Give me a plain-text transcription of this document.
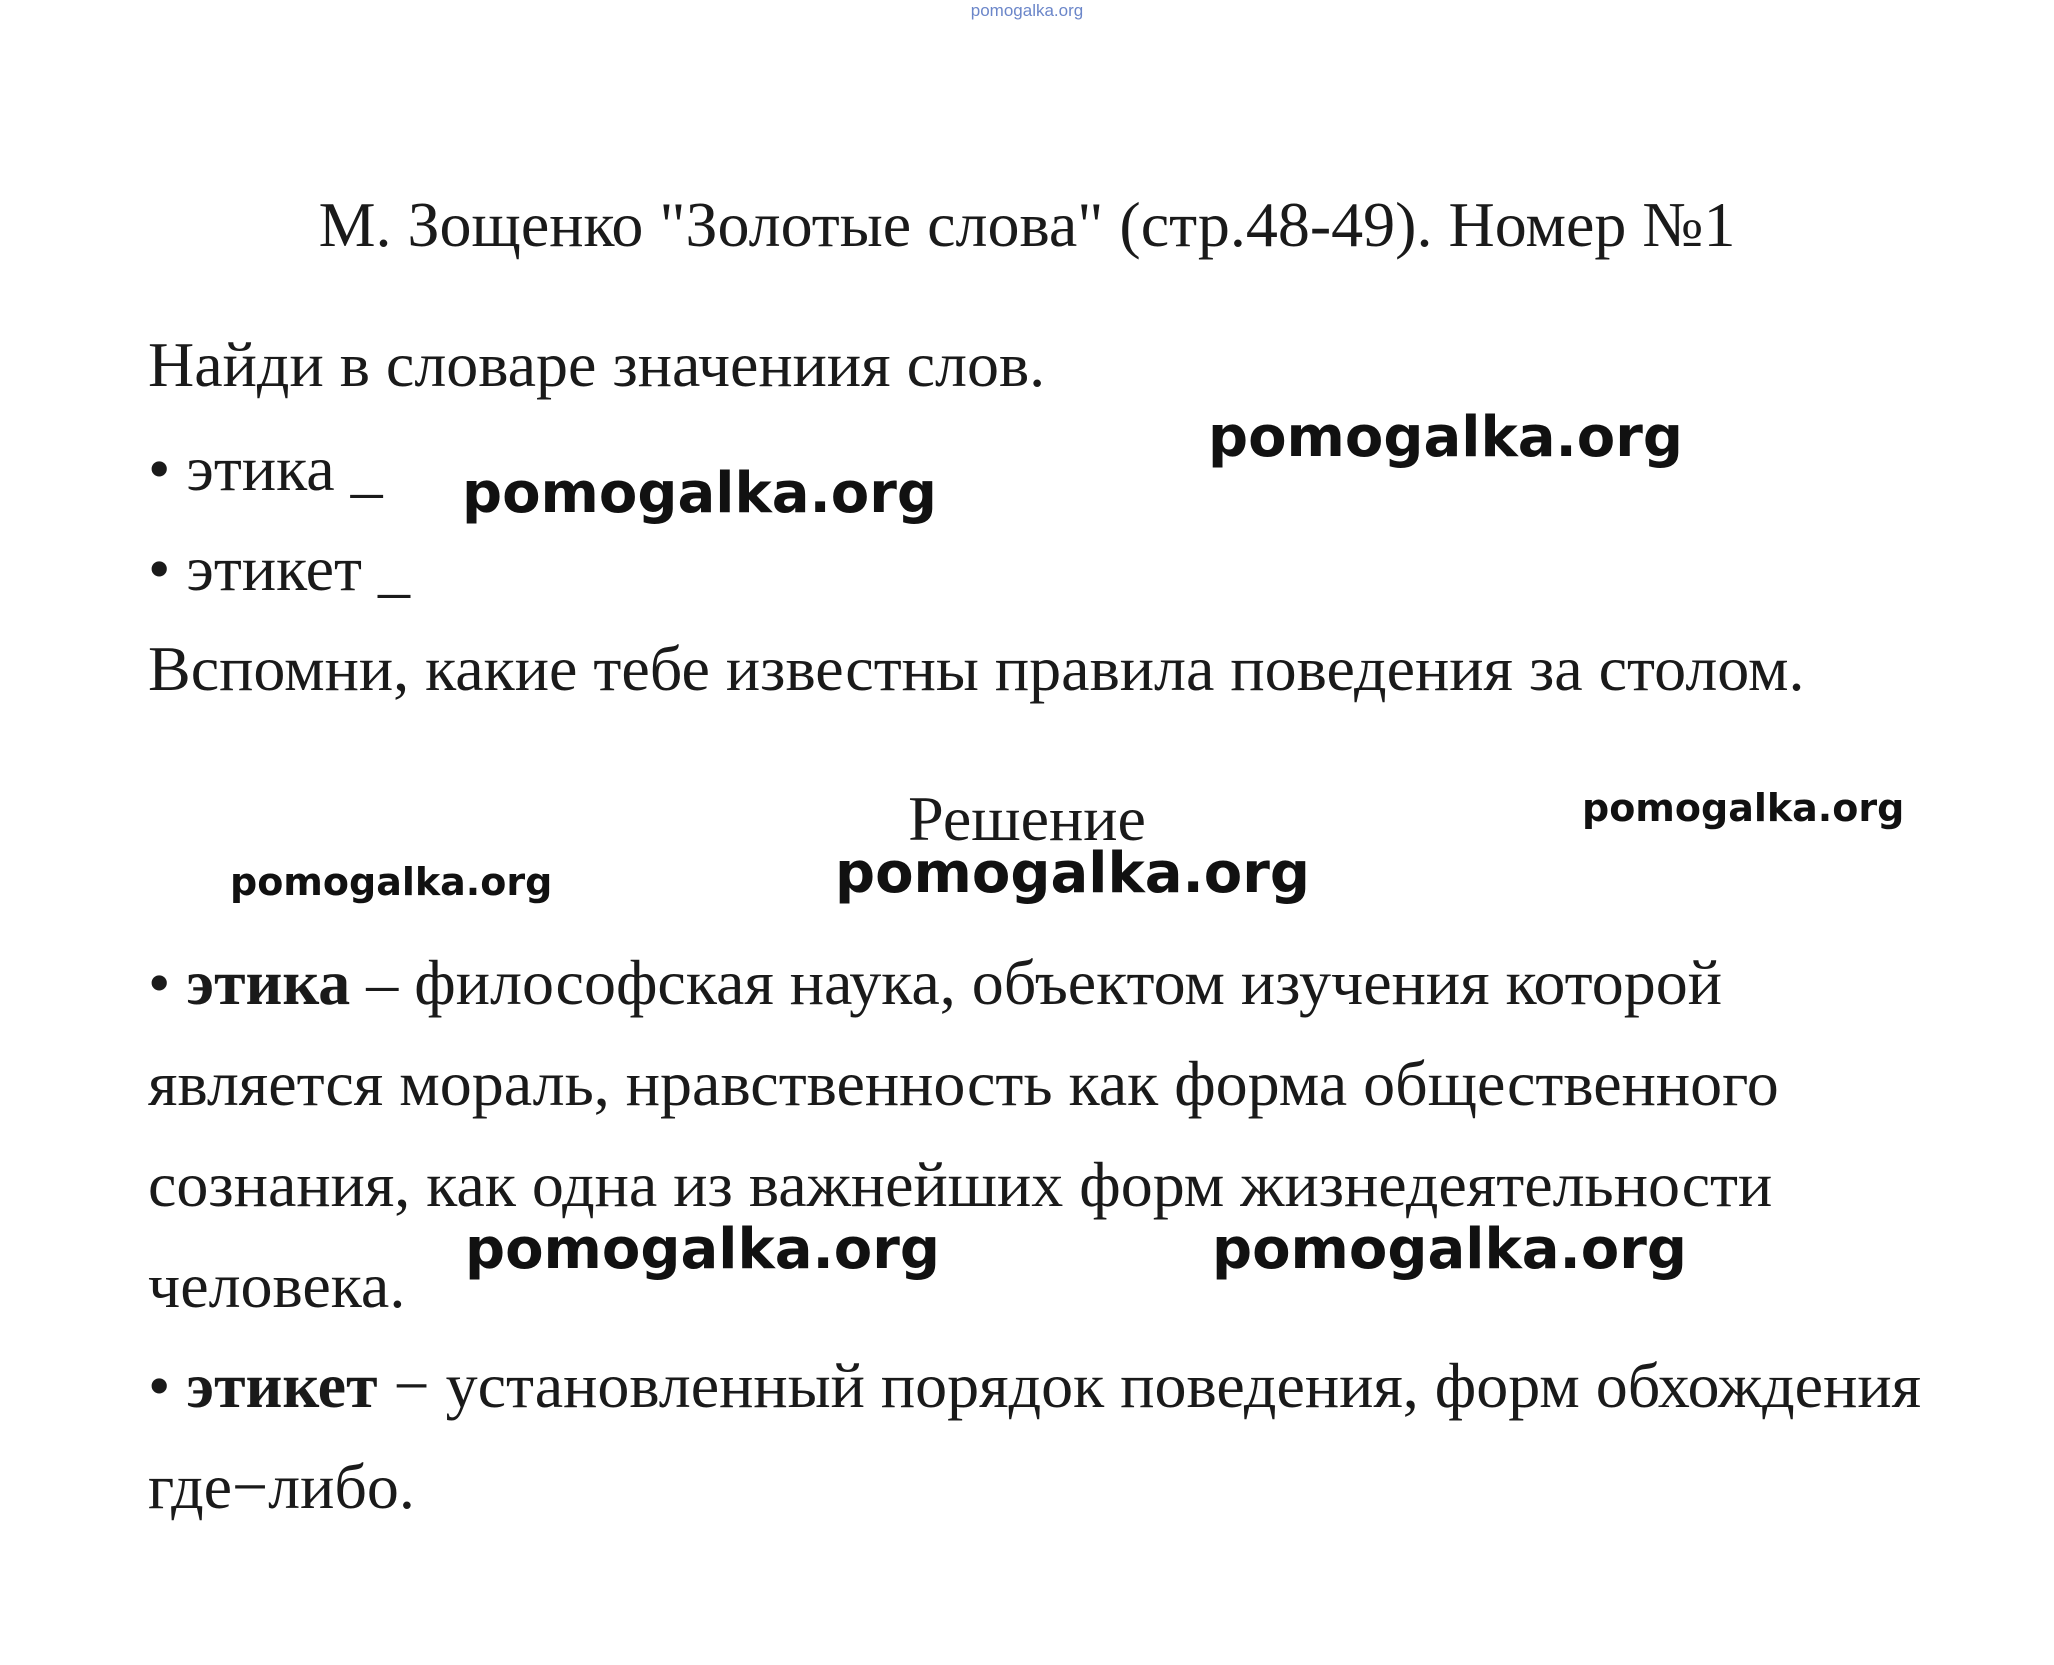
pomogalka.org
М. Зощенко "Золотые слова" (стр.48-49). Номер №1
Найди в словаре значениия слов.
• этика _
• этикет _
Вспомни, какие тебе известны правила поведения за столом.
Решение
• этика – философская наука, объектом изучения которой является мораль, нравственность как форма общественного сознания, как одна из важнейших форм жизнедеятельности человека.
• этикет − установленный порядок поведения, форм обхождения где−либо.
pomogalka.org
pomogalka.org
pomogalka.org
pomogalka.org
pomogalka.org
pomogalka.org	pomogalka.org
